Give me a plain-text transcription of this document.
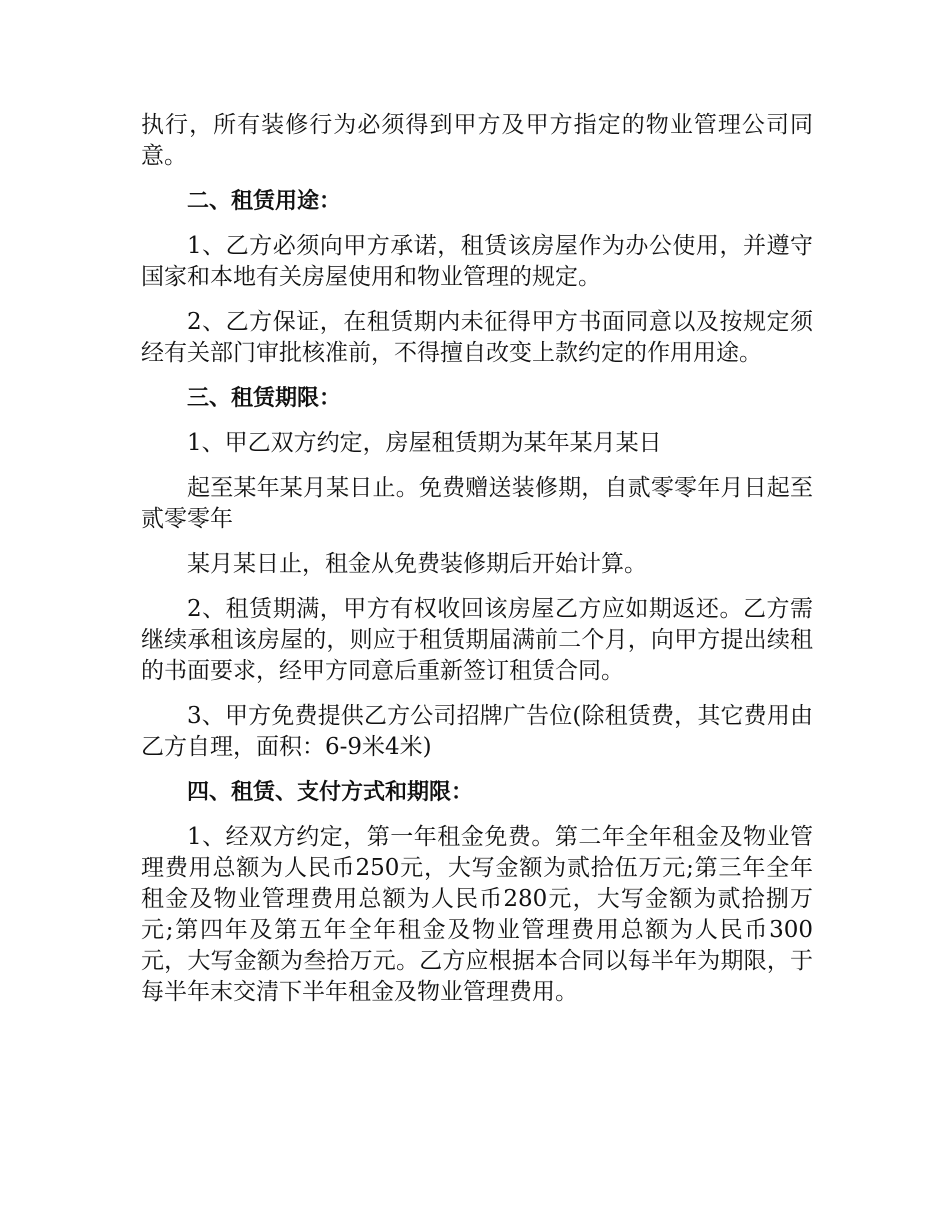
执行，所有装修行为必须得到甲方及甲方指定的物业管理公司同意。

二、租赁用途：

1、乙方必须向甲方承诺，租赁该房屋作为办公使用，并遵守国家和本地有关房屋使用和物业管理的规定。

2、乙方保证，在租赁期内未征得甲方书面同意以及按规定须经有关部门审批核准前，不得擅自改变上款约定的作用用途。

三、租赁期限：

1、甲乙双方约定，房屋租赁期为某年某月某日

起至某年某月某日止。免费赠送装修期，自贰零零年月日起至贰零零年

某月某日止，租金从免费装修期后开始计算。

2、租赁期满，甲方有权收回该房屋乙方应如期返还。乙方需继续承租该房屋的，则应于租赁期届满前二个月，向甲方提出续租的书面要求，经甲方同意后重新签订租赁合同。

3、甲方免费提供乙方公司招牌广告位(除租赁费，其它费用由乙方自理，面积：6-9米4米)

四、租赁、支付方式和期限：

1、经双方约定，第一年租金免费。第二年全年租金及物业管理费用总额为人民币250元，大写金额为贰拾伍万元;第三年全年租金及物业管理费用总额为人民币280元，大写金额为贰拾捌万元;第四年及第五年全年租金及物业管理费用总额为人民币300元，大写金额为叁拾万元。乙方应根据本合同以每半年为期限，于每半年末交清下半年租金及物业管理费用。
